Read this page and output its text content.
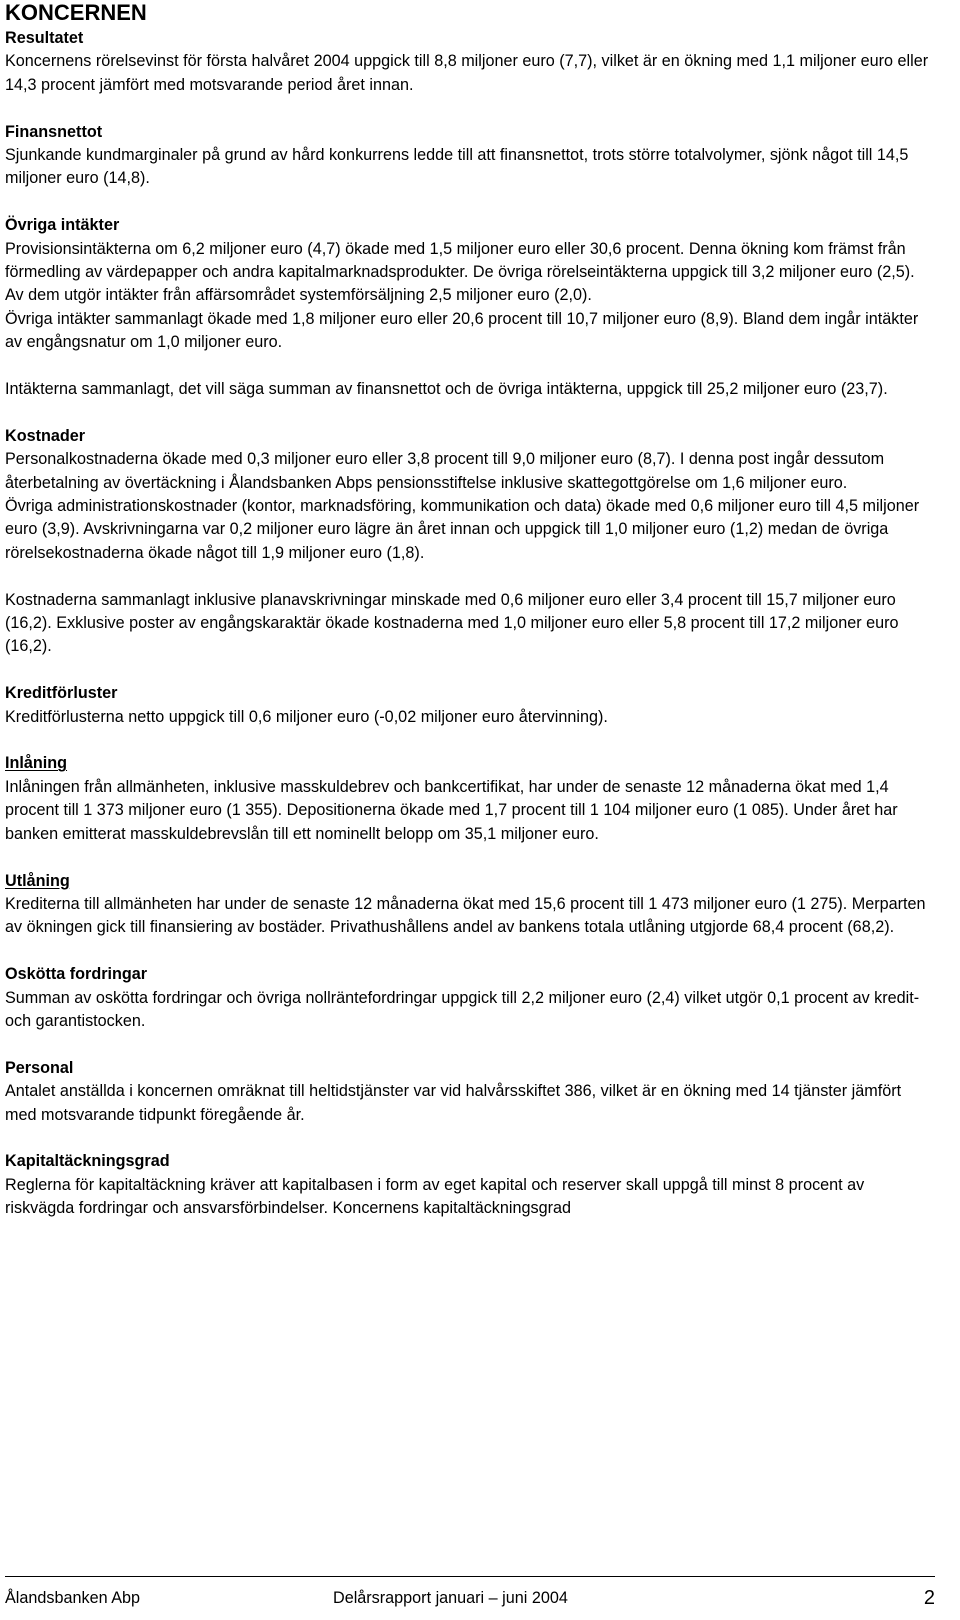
KONCERNEN
Resultatet
Koncernens rörelsevinst för första halvåret 2004 uppgick till 8,8 miljoner euro (7,7), vilket är en ökning med 1,1 miljoner euro eller 14,3 procent jämfört med motsvarande period året innan.
Finansnettot
Sjunkande kundmarginaler på grund av hård konkurrens ledde till att finansnettot, trots större totalvolymer, sjönk något till 14,5 miljoner euro (14,8).
Övriga intäkter
Provisionsintäkterna om 6,2 miljoner euro (4,7) ökade med 1,5 miljoner euro eller 30,6 procent. Denna ökning kom främst från förmedling av värdepapper och andra kapitalmarknadsprodukter. De övriga rörelseintäkterna uppgick till 3,2 miljoner euro (2,5). Av dem utgör intäkter från affärsområdet systemförsäljning 2,5 miljoner euro (2,0).
Övriga intäkter sammanlagt ökade med 1,8 miljoner euro eller 20,6 procent till 10,7 miljoner euro (8,9). Bland dem ingår intäkter av engångsnatur om 1,0 miljoner euro.
Intäkterna sammanlagt, det vill säga summan av finansnettot och de övriga intäkterna, uppgick till 25,2 miljoner euro (23,7).
Kostnader
Personalkostnaderna ökade med 0,3 miljoner euro eller 3,8 procent till 9,0 miljoner euro (8,7). I denna post ingår dessutom återbetalning av övertäckning i Ålandsbanken Abps pensionsstiftelse inklusive skattegottgörelse om 1,6 miljoner euro.
Övriga administrationskostnader (kontor, marknadsföring, kommunikation och data) ökade med 0,6 miljoner euro till 4,5 miljoner euro (3,9). Avskrivningarna var 0,2 miljoner euro lägre än året innan och uppgick till 1,0 miljoner euro (1,2) medan de övriga rörelsekostnaderna ökade något till 1,9 miljoner euro (1,8).
Kostnaderna sammanlagt inklusive planavskrivningar minskade med 0,6 miljoner euro eller 3,4 procent till 15,7 miljoner euro (16,2). Exklusive poster av engångskaraktär ökade kostnaderna med 1,0 miljoner euro eller 5,8 procent till 17,2 miljoner euro (16,2).
Kreditförluster
Kreditförlusterna netto uppgick till 0,6 miljoner euro (-0,02 miljoner euro återvinning).
Inlåning
Inlåningen från allmänheten, inklusive masskuldebrev och bankcertifikat, har under de senaste 12 månaderna ökat med 1,4 procent till 1 373 miljoner euro (1 355). Depositionerna ökade med 1,7 procent till 1 104 miljoner euro (1 085). Under året har banken emitterat masskuldebrevslån till ett nominellt belopp om 35,1 miljoner euro.
Utlåning
Krediterna till allmänheten har under de senaste 12 månaderna ökat med 15,6 procent till 1 473 miljoner euro (1 275). Merparten av ökningen gick till finansiering av bostäder. Privathushållens andel av bankens totala utlåning utgjorde 68,4 procent (68,2).
Oskötta fordringar
Summan av oskötta fordringar och övriga nollräntefordringar uppgick till 2,2 miljoner euro (2,4) vilket utgör 0,1 procent av kredit- och garantistocken.
Personal
Antalet anställda i koncernen omräknat till heltidstjänster var vid halvårsskiftet 386, vilket är en ökning med 14 tjänster jämfört med motsvarande tidpunkt föregående år.
Kapitaltäckningsgrad
Reglerna för kapitaltäckning kräver att kapitalbasen i form av eget kapital och reserver skall uppgå till minst 8 procent av riskvägda fordringar och ansvarsförbindelser. Koncernens kapitaltäckningsgrad
Ålandsbanken Abp	Delårsrapport januari – juni 2004	2
